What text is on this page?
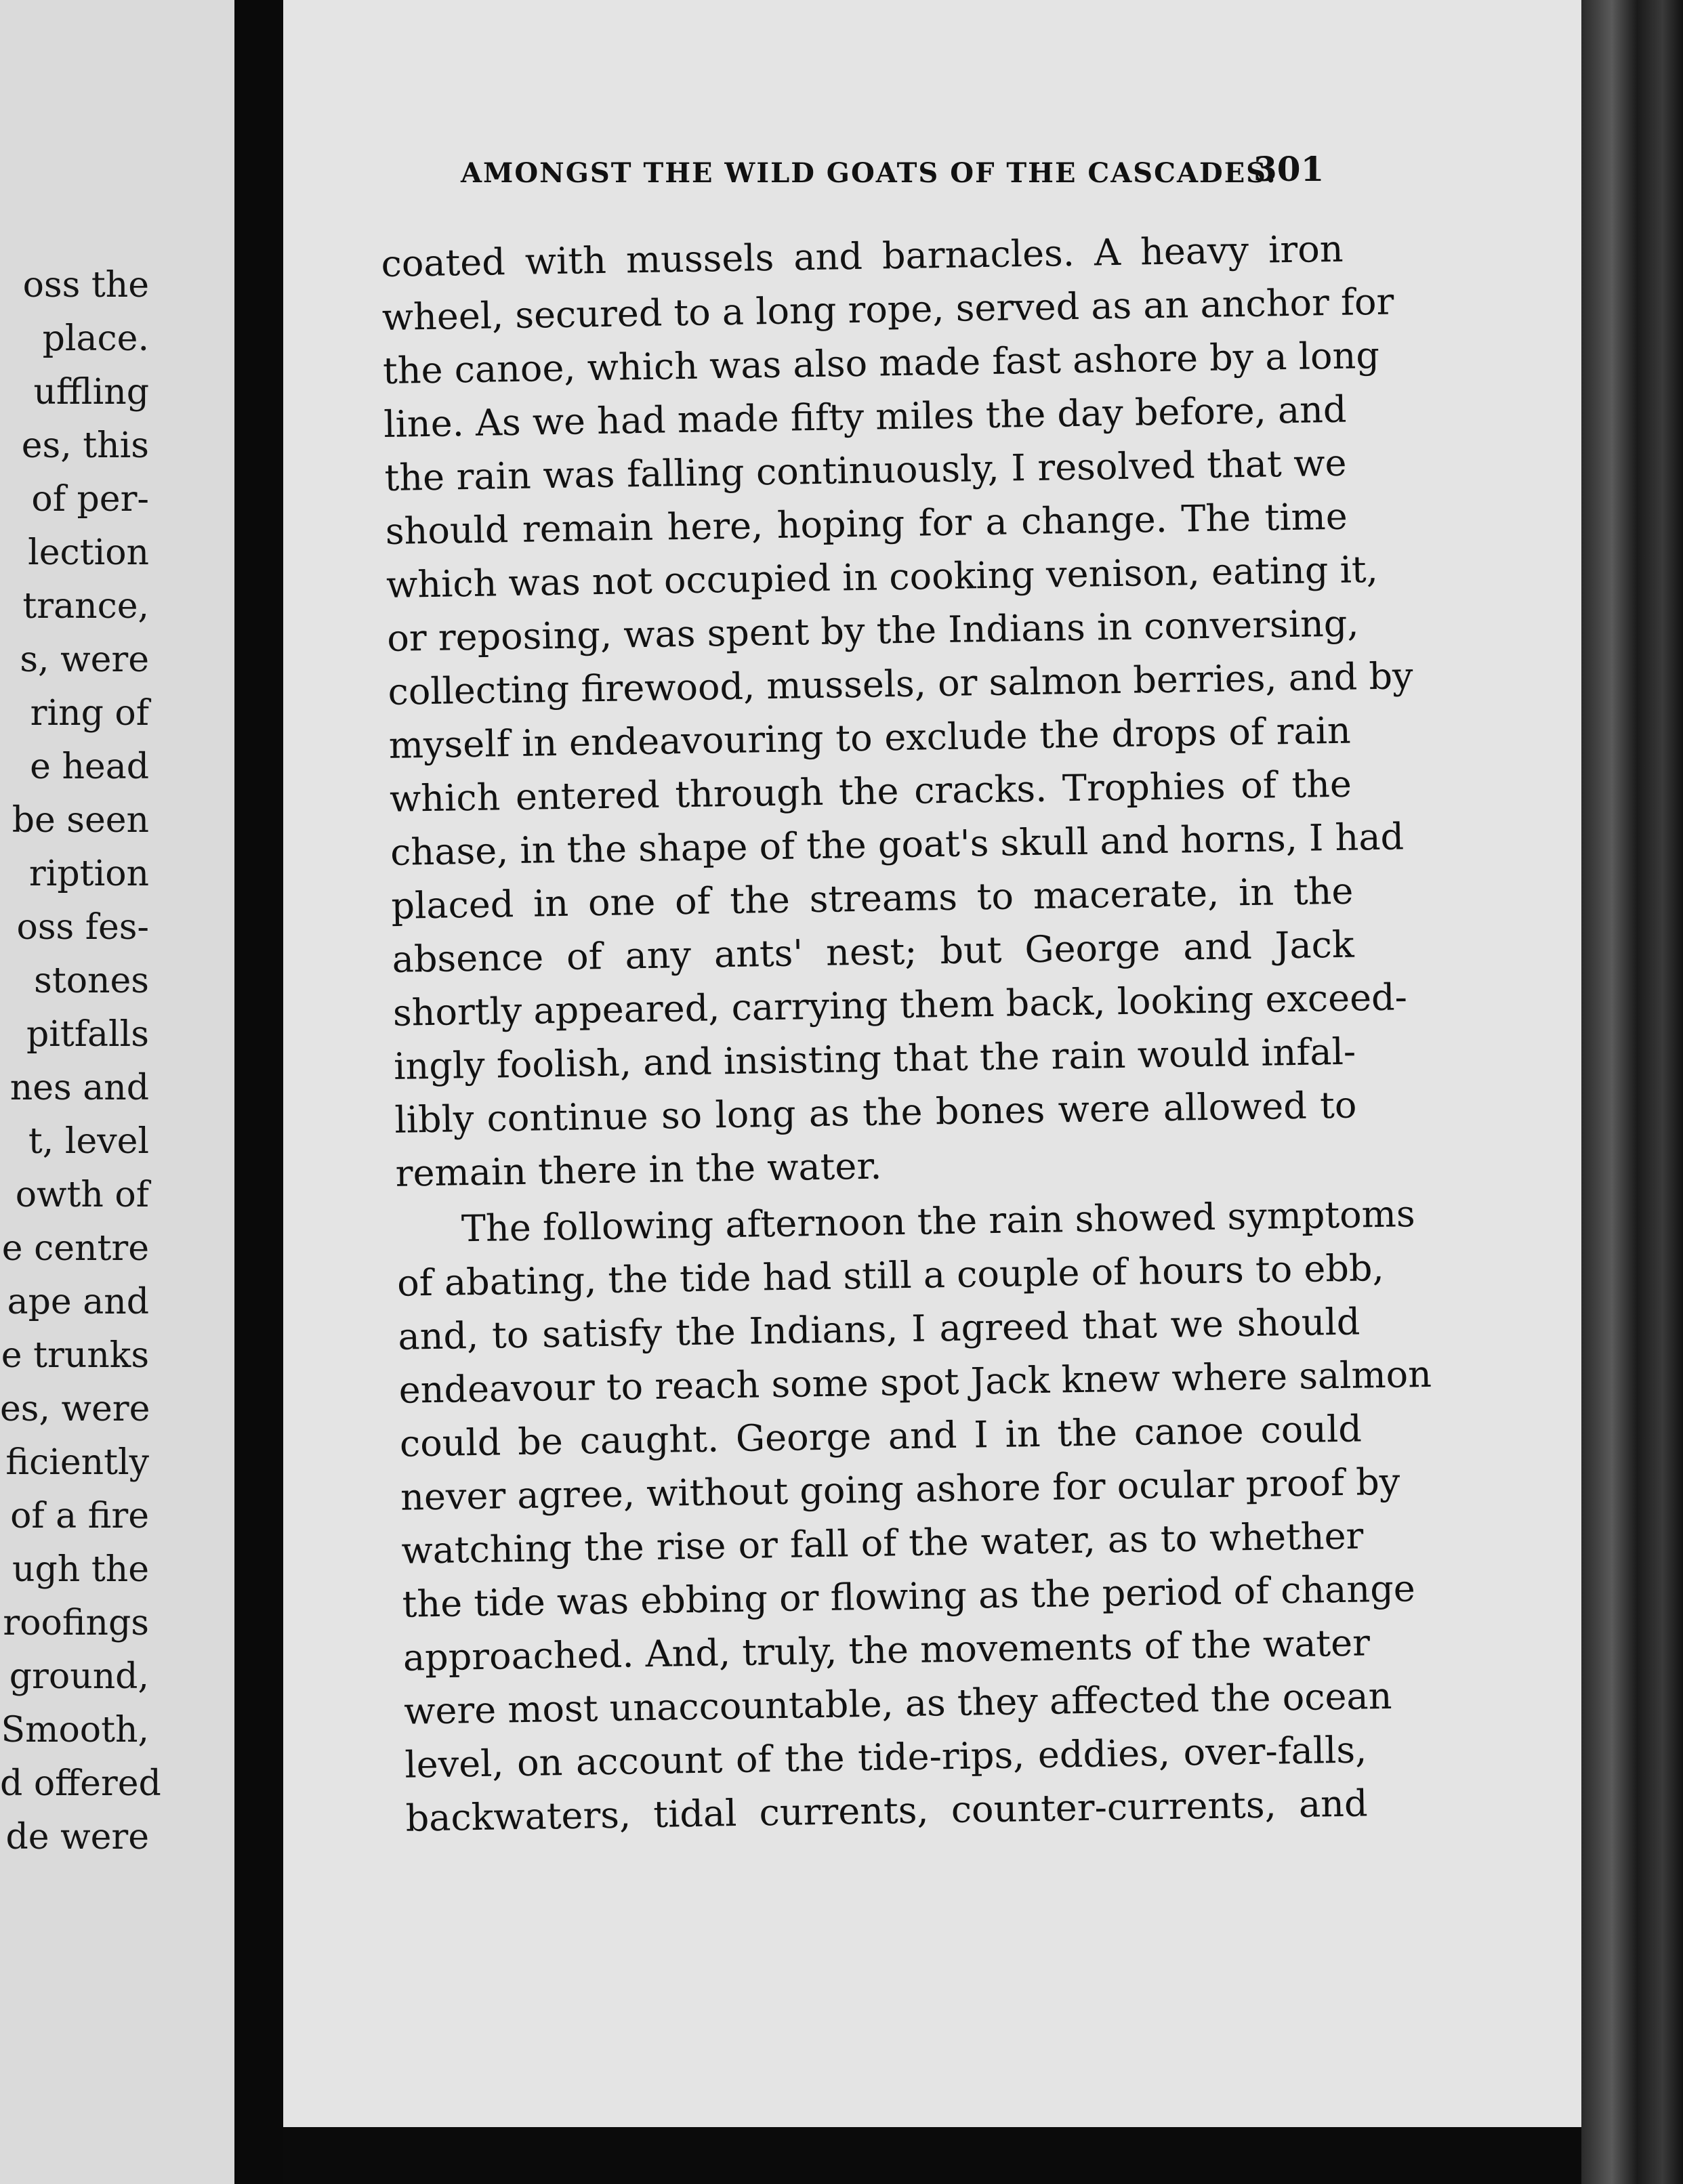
oss the
place.
uffling
es, this
of per-
lection
trance,
s, were
ring of
e head
be seen
ription
oss fes-
stones
pitfalls
nes and
t, level
owth of
e centre
ape and
e trunks
es, were
ficiently
of a fire
ugh the
roofings
ground,
Smooth,
d offered
de were
AMONGST THE WILD GOATS OF THE CASCADES.
301
coated with mussels and barnacles. A heavy iron
wheel, secured to a long rope, served as an anchor for
the canoe, which was also made fast ashore by a long
line. As we had made fifty miles the day before, and
the rain was falling continuously, I resolved that we
should remain here, hoping for a change. The time
which was not occupied in cooking venison, eating it,
or reposing, was spent by the Indians in conversing,
collecting firewood, mussels, or salmon berries, and by
myself in endeavouring to exclude the drops of rain
which entered through the cracks. Trophies of the
chase, in the shape of the goat's skull and horns, I had
placed in one of the streams to macerate, in the
absence of any ants' nest; but George and Jack
shortly appeared, carrying them back, looking exceed-
ingly foolish, and insisting that the rain would infal-
libly continue so long as the bones were allowed to
remain there in the water.
The following afternoon the rain showed symptoms
of abating, the tide had still a couple of hours to ebb,
and, to satisfy the Indians, I agreed that we should
endeavour to reach some spot Jack knew where salmon
could be caught. George and I in the canoe could
never agree, without going ashore for ocular proof by
watching the rise or fall of the water, as to whether
the tide was ebbing or flowing as the period of change
approached. And, truly, the movements of the water
were most unaccountable, as they affected the ocean
level, on account of the tide-rips, eddies, over-falls,
backwaters, tidal currents, counter-currents, and
